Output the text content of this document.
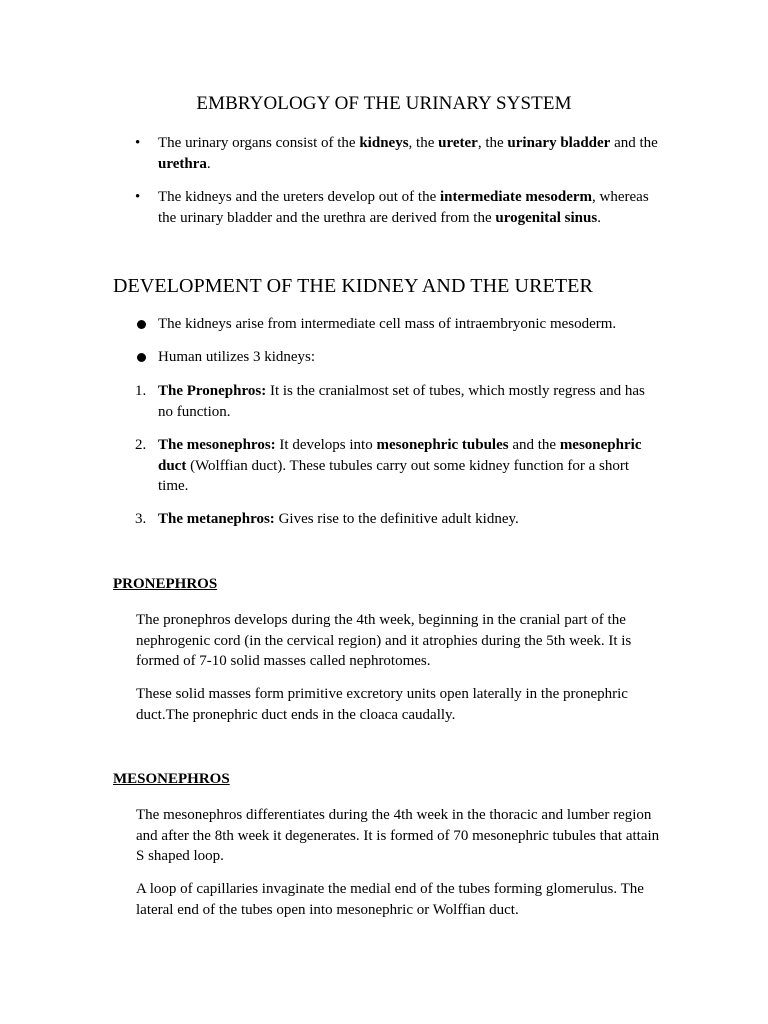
EMBRYOLOGY OF THE URINARY SYSTEM
• The urinary organs consist of the kidneys, the ureter, the urinary bladder and the urethra.

• The kidneys and the ureters develop out of the intermediate mesoderm, whereas the urinary bladder and the urethra are derived from the urogenital sinus.

DEVELOPMENT OF THE KIDNEY AND THE URETER

The kidneys arise from intermediate cell mass of intraembryonic mesoderm.

Human utilizes 3 kidneys:

1. The Pronephros: It is the cranialmost set of tubes, which mostly regress and has no function.

2. The mesonephros: It develops into mesonephric tubules and the mesonephric duct (Wolffian duct). These tubules carry out some kidney function for a short time.

3. The metanephros: Gives rise to the definitive adult kidney.

PRONEPHROS

The pronephros develops during the 4th week, beginning in the cranial part of the nephrogenic cord (in the cervical region) and it atrophies during the 5th week. It is formed of 7-10 solid masses called nephrotomes.

These solid masses form primitive excretory units open laterally in the pronephric duct.The pronephric duct ends in the cloaca caudally.

MESONEPHROS

The mesonephros differentiates during the 4th week in the thoracic and lumber region and after the 8th week it degenerates. It is formed of 70 mesonephric tubules that attain S shaped loop.

A loop of capillaries invaginate the medial end of the tubes forming glomerulus. The lateral end of the tubes open into mesonephric or Wolffian duct.
